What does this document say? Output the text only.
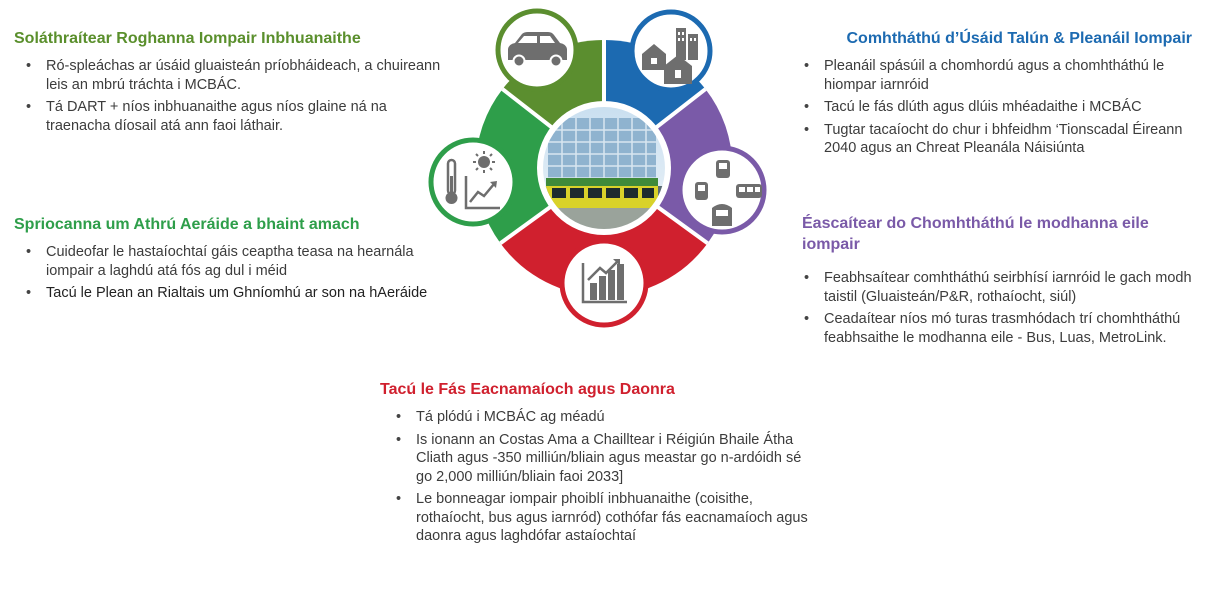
Soláthraítear Roghanna Iompair Inbhuanaithe
• Ró-spleáchas ar úsáid gluaisteán príobháideach, a chuireann leis an mbrú tráchta i MCBÁC.
• Tá DART + níos inbhuanaithe agus níos glaine ná na traenacha díosail atá ann faoi láthair.
Spriocanna um Athrú Aeráide a bhaint amach
• Cuideofar le hastaíochtaí gáis ceaptha teasa na hearnála iompair a laghdú atá fós ag dul i méid
• Tacú le Plean an Rialtais um Ghníomhú ar son na hAeráide
Comhtháthú d’Úsáid Talún & Pleanáil Iompair
• Pleanáil spásúil a chomhordú agus a chomhtháthú le hiompar iarnróid
• Tacú le fás dlúth agus dlúis mhéadaithe i MCBÁC
• Tugtar tacaíocht do chur i bhfeidhm ‘Tionscadal Éireann 2040 agus an Chreat Pleanála Náisiúnta
Éascaítear do Chomhtháthú le modhanna eile iompair
• Feabhsaítear comhtháthú seirbhísí iarnróid le gach modh taistil (Gluaisteán/P&R, rothaíocht, siúl)
• Ceadaítear níos mó turas trasmhódach trí chomhtháthú feabhsaithe le modhanna eile - Bus, Luas, MetroLink.
Tacú le Fás Eacnamaíoch agus Daonra
• Tá plódú i MCBÁC ag méadú
• Is ionann an Costas Ama a Chailltear i Réigiún Bhaile Átha Cliath agus -350 milliún/bliain agus meastar go n-ardóidh sé go 2,000 milliún/bliain faoi 2033]
• Le bonneagar iompair phoiblí inbhuanaithe (coisithe, rothaíocht, bus agus iarnród) cothófar fás eacnamaíoch agus daonra agus laghdófar astaíochtaí
